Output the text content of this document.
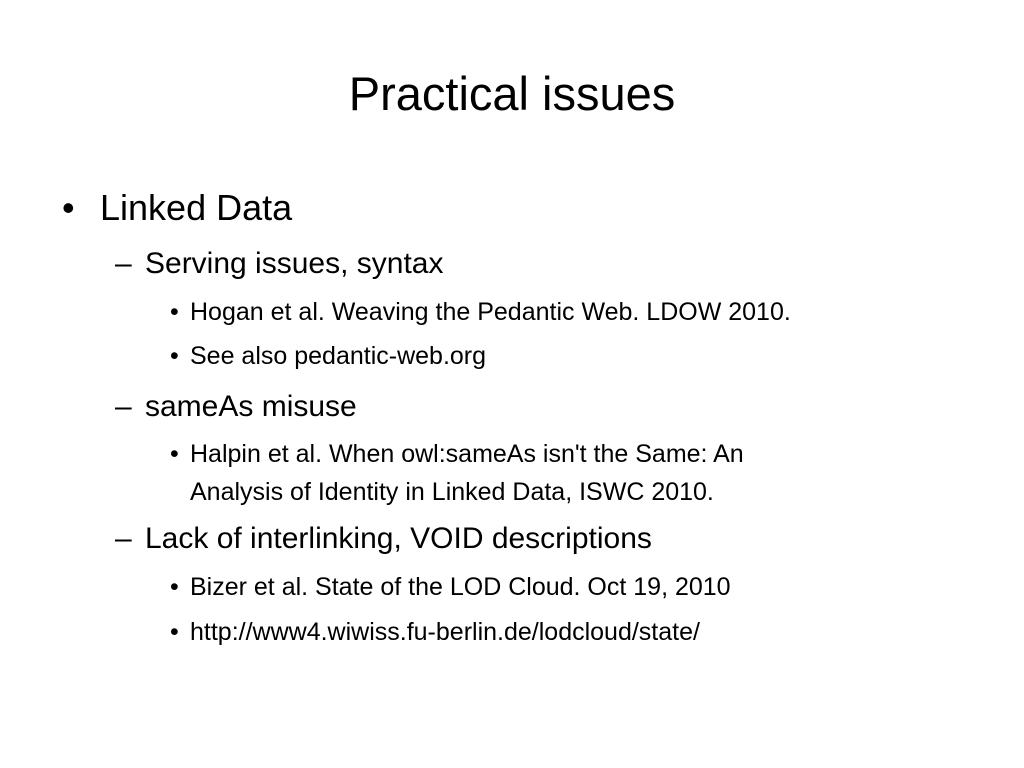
Practical issues
• Linked Data
– Serving issues, syntax
• Hogan et al. Weaving the Pedantic Web. LDOW 2010.
• See also pedantic-web.org
– sameAs misuse
• Halpin et al. When owl:sameAs isn't the Same: An
Analysis of Identity in Linked Data, ISWC 2010.
– Lack of interlinking, VOID descriptions
• Bizer et al. State of the LOD Cloud. Oct 19, 2010
• http://www4.wiwiss.fu-berlin.de/lodcloud/state/
